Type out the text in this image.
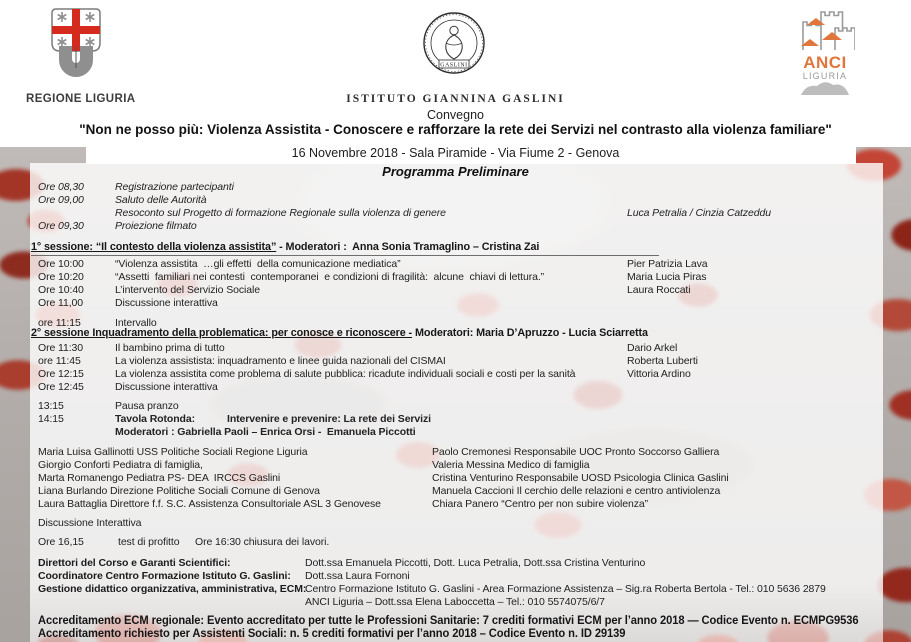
REGIONE LIGURIA
GASLINI
ISTITUTO GIANNINA GASLINI
ANCI
LIGURIA
Convegno
"Non ne posso più: Violenza Assistita - Conoscere e rafforzare la rete dei Servizi nel contrasto alla violenza familiare"
16 Novembre 2018 - Sala Piramide - Via Fiume 2 - Genova
Programma Preliminare
Ore 08,30	Registrazione partecipanti
Ore 09,00	Saluto delle Autorità
Resoconto sul Progetto di formazione Regionale sulla violenza di genere	Luca Petralia / Cinzia Catzeddu
Ore 09,30	Proiezione filmato
1° sessione: “Il contesto della violenza assistita” - Moderatori :  Anna Sonia Tramaglino – Cristina Zai
Ore 10:00	“Violenza assistita  …gli effetti  della comunicazione mediatica”	Pier Patrizia Lava
Ore 10:20	“Assetti  familiari nei contesti  contemporanei  e condizioni di fragilità:  alcune  chiavi di lettura.”	Maria Lucia Piras
Ore 10:40	L’intervento del Servizio Sociale	Laura Roccati
Ore 11,00	Discussione interattiva
ore 11:15	Intervallo
2° sessione Inquadramento della problematica: per conosce e riconoscere - Moderatori: Maria D’Apruzzo - Lucia Sciarretta
Ore 11:30	Il bambino prima di tutto	Dario Arkel
ore 11:45	La violenza assistista: inquadramento e linee guida nazionali del CISMAI	Roberta Luberti
Ore 12:15	La violenza assistita come problema di salute pubblica: ricadute individuali sociali e costi per la sanità	Vittoria Ardino
Ore 12:45	Discussione interattiva
13:15	Pausa pranzo
14:15	Tavola Rotonda:	Intervenire e prevenire: La rete dei Servizi
Moderatori : Gabriella Paoli – Enrica Orsi -  Emanuela Piccotti
Maria Luisa Gallinotti USS Politiche Sociali Regione Liguria	Paolo Cremonesi Responsabile UOC Pronto Soccorso Galliera
Giorgio Conforti Pediatra di famiglia,	Valeria Messina Medico di famiglia
Marta Romanengo Pediatra PS- DEA  IRCCS Gaslini	Cristina Venturino Responsabile UOSD Psicologia Clinica Gaslini
Liana Burlando Direzione Politiche Sociali Comune di Genova	Manuela Caccioni Il cerchio delle relazioni e centro antiviolenza
Laura Battaglia Direttore f.f. S.C. Assistenza Consultoriale ASL 3 Genovese	Chiara Panero “Centro per non subire violenza”
Discussione Interattiva
Ore 16,15	test di profitto	Ore 16:30 chiusura dei lavori.
Direttori del Corso e Garanti Scientifici:	Dott.ssa Emanuela Piccotti, Dott. Luca Petralia, Dott.ssa Cristina Venturino
Coordinatore Centro Formazione Istituto G. Gaslini:	Dott.ssa Laura Fornoni
Gestione didattico organizzativa, amministrativa, ECM:
Centro Formazione Istituto G. Gaslini - Area Formazione Assistenza – Sig.ra Roberta Bertola - Tel.: 010 5636 2879
ANCI Liguria – Dott.ssa Elena Laboccetta – Tel.: 010 5574075/6/7
Accreditamento ECM regionale: Evento accreditato per tutte le Professioni Sanitarie: 7 crediti formativi ECM per l’anno 2018 — Codice Evento n. ECMPG9536
Accreditamento richiesto per Assistenti Sociali: n. 5 crediti formativi per l’anno 2018 – Codice Evento n. ID 29139
